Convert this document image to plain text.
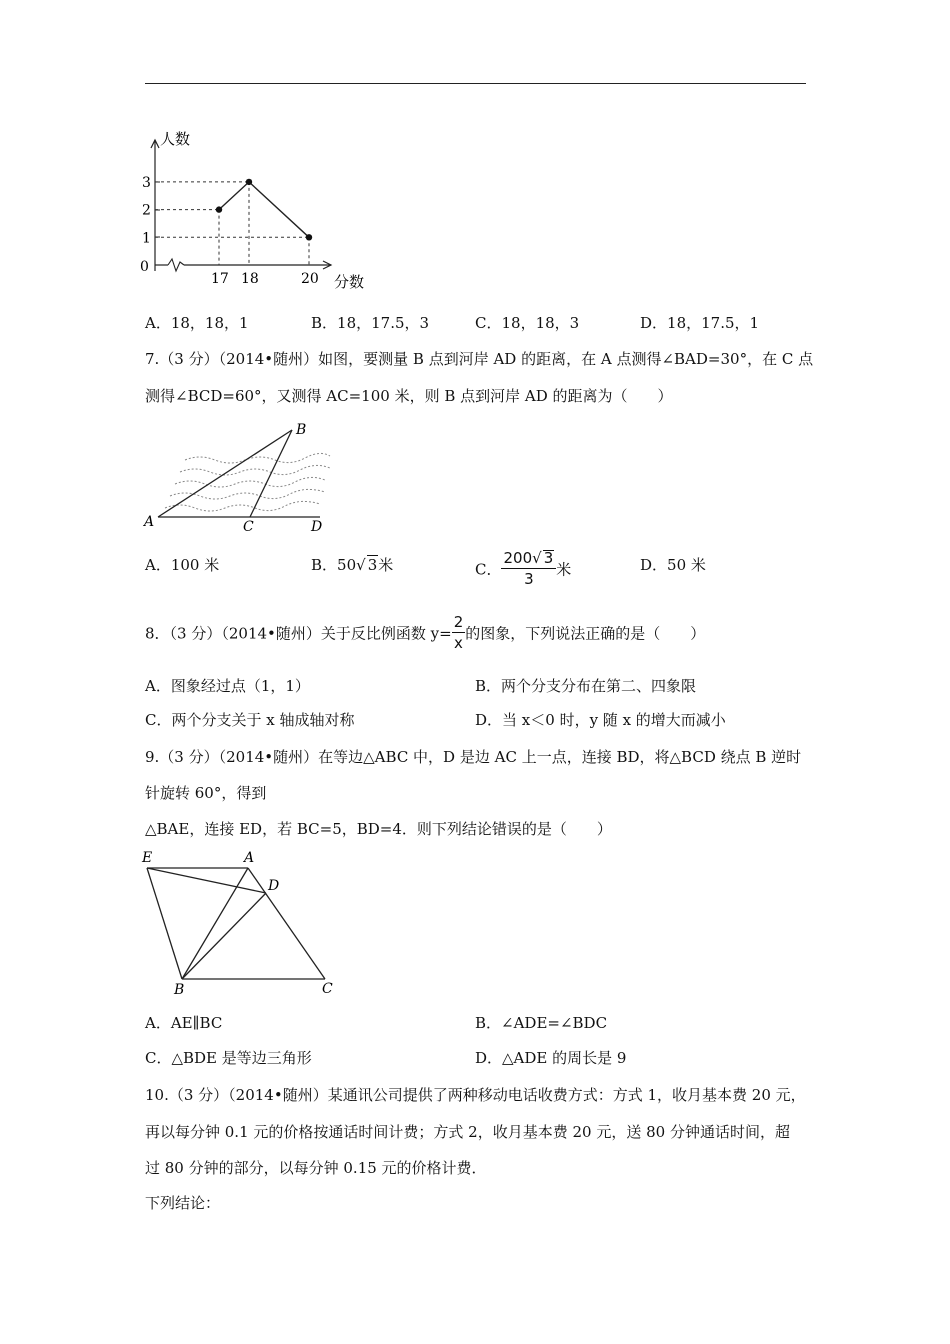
人数
分数
0
1
2
3
17 18	20
A．18，18，1	B．18，17.5，3	C．18，18，3	D．18，17.5，1
7.（3 分）（2014•随州）如图，要测量 B 点到河岸 AD 的距离，在 A 点测得∠BAD=30°，在 C 点
测得∠BCD=60°，又测得 AC=100 米，则 B 点到河岸 AD 的距离为（　　）
A
B
C	D
A．100 米	B．50√ 3米	C． $\frac{200√ 3}{3}$ 米	D．50 米
8．（3 分）（2014•随州）关于反比例函数 $y= \frac{2}{x}$ 的图象，下列说法正确的是（　　）
A．图象经过点（1，1）	B．两个分支分布在第二、四象限
C．两个分支关于 x 轴成轴对称	D．当 x＜0 时，y 随 x 的增大而减小
9.（3 分）（2014•随州）在等边△ABC 中，D 是边 AC 上一点，连接 BD，将△BCD 绕点 B 逆时
针旋转 60°，得到
△BAE，连接 ED，若 BC=5，BD=4．则下列结论错误的是（　　）
E	A
D
B	C
A．AE∥BC	B．∠ADE=∠BDC
C．△BDE 是等边三角形	D．△ADE 的周长是 9
10.（3 分）（2014•随州）某通讯公司提供了两种移动电话收费方式：方式 1，收月基本费 20 元，
再以每分钟 0.1 元的价格按通话时间计费；方式 2，收月基本费 20 元，送 80 分钟通话时间，超
过 80 分钟的部分，以每分钟 0.15 元的价格计费．
下列结论：
